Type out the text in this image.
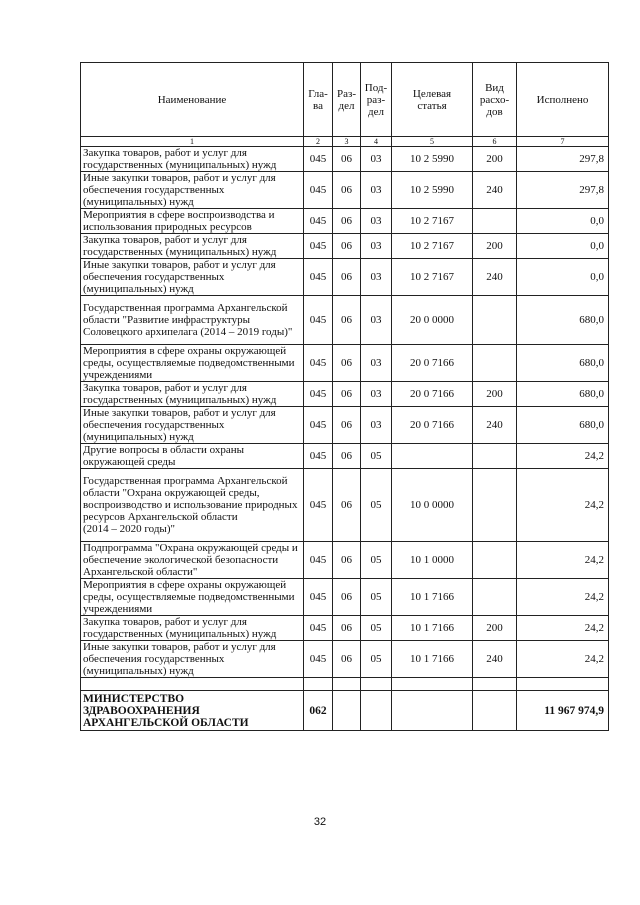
Наименование	Гла-
ва	Раз-
дел	Под-
раз-
дел	Целевая
статья	Вид
расхо-
дов	Исполнено
1	2	3	4	5	6	7
Закупка товаров, работ и услуг для государственных (муниципальных) нужд	045	06	03	10 2 5990	200	297,8
Иные закупки товаров, работ и услуг для обеспечения государственных (муниципальных) нужд	045	06	03	10 2 5990	240	297,8
Мероприятия в сфере воспроизводства и использования природных ресурсов	045	06	03	10 2 7167		0,0
Закупка товаров, работ и услуг для государственных (муниципальных) нужд	045	06	03	10 2 7167	200	0,0
Иные закупки товаров, работ и услуг для обеспечения государственных (муниципальных) нужд	045	06	03	10 2 7167	240	0,0
Государственная программа Архангельской области "Развитие инфраструктуры Соловецкого архипелага (2014 – 2019 годы)"	045	06	03	20 0 0000		680,0
Мероприятия в сфере охраны окружающей среды, осуществляемые подведомственными учреждениями	045	06	03	20 0 7166		680,0
Закупка товаров, работ и услуг для государственных (муниципальных) нужд	045	06	03	20 0 7166	200	680,0
Иные закупки товаров, работ и услуг для обеспечения государственных (муниципальных) нужд	045	06	03	20 0 7166	240	680,0
Другие вопросы в области охраны окружающей среды	045	06	05			24,2
Государственная программа Архангельской области "Охрана окружающей среды, воспроизводство и использование природных ресурсов Архангельской области
(2014 – 2020 годы)"	045	06	05	10 0 0000		24,2
Подпрограмма "Охрана окружающей среды и обеспечение экологической безопасности Архангельской области"	045	06	05	10 1 0000		24,2
Мероприятия в сфере охраны окружающей среды, осуществляемые подведомственными учреждениями	045	06	05	10 1 7166		24,2
Закупка товаров, работ и услуг для государственных (муниципальных) нужд	045	06	05	10 1 7166	200	24,2
Иные закупки товаров, работ и услуг для обеспечения государственных (муниципальных) нужд	045	06	05	10 1 7166	240	24,2

МИНИСТЕРСТВО ЗДРАВООХРАНЕНИЯ АРХАНГЕЛЬСКОЙ ОБЛАСТИ	062					11 967 974,9
32
